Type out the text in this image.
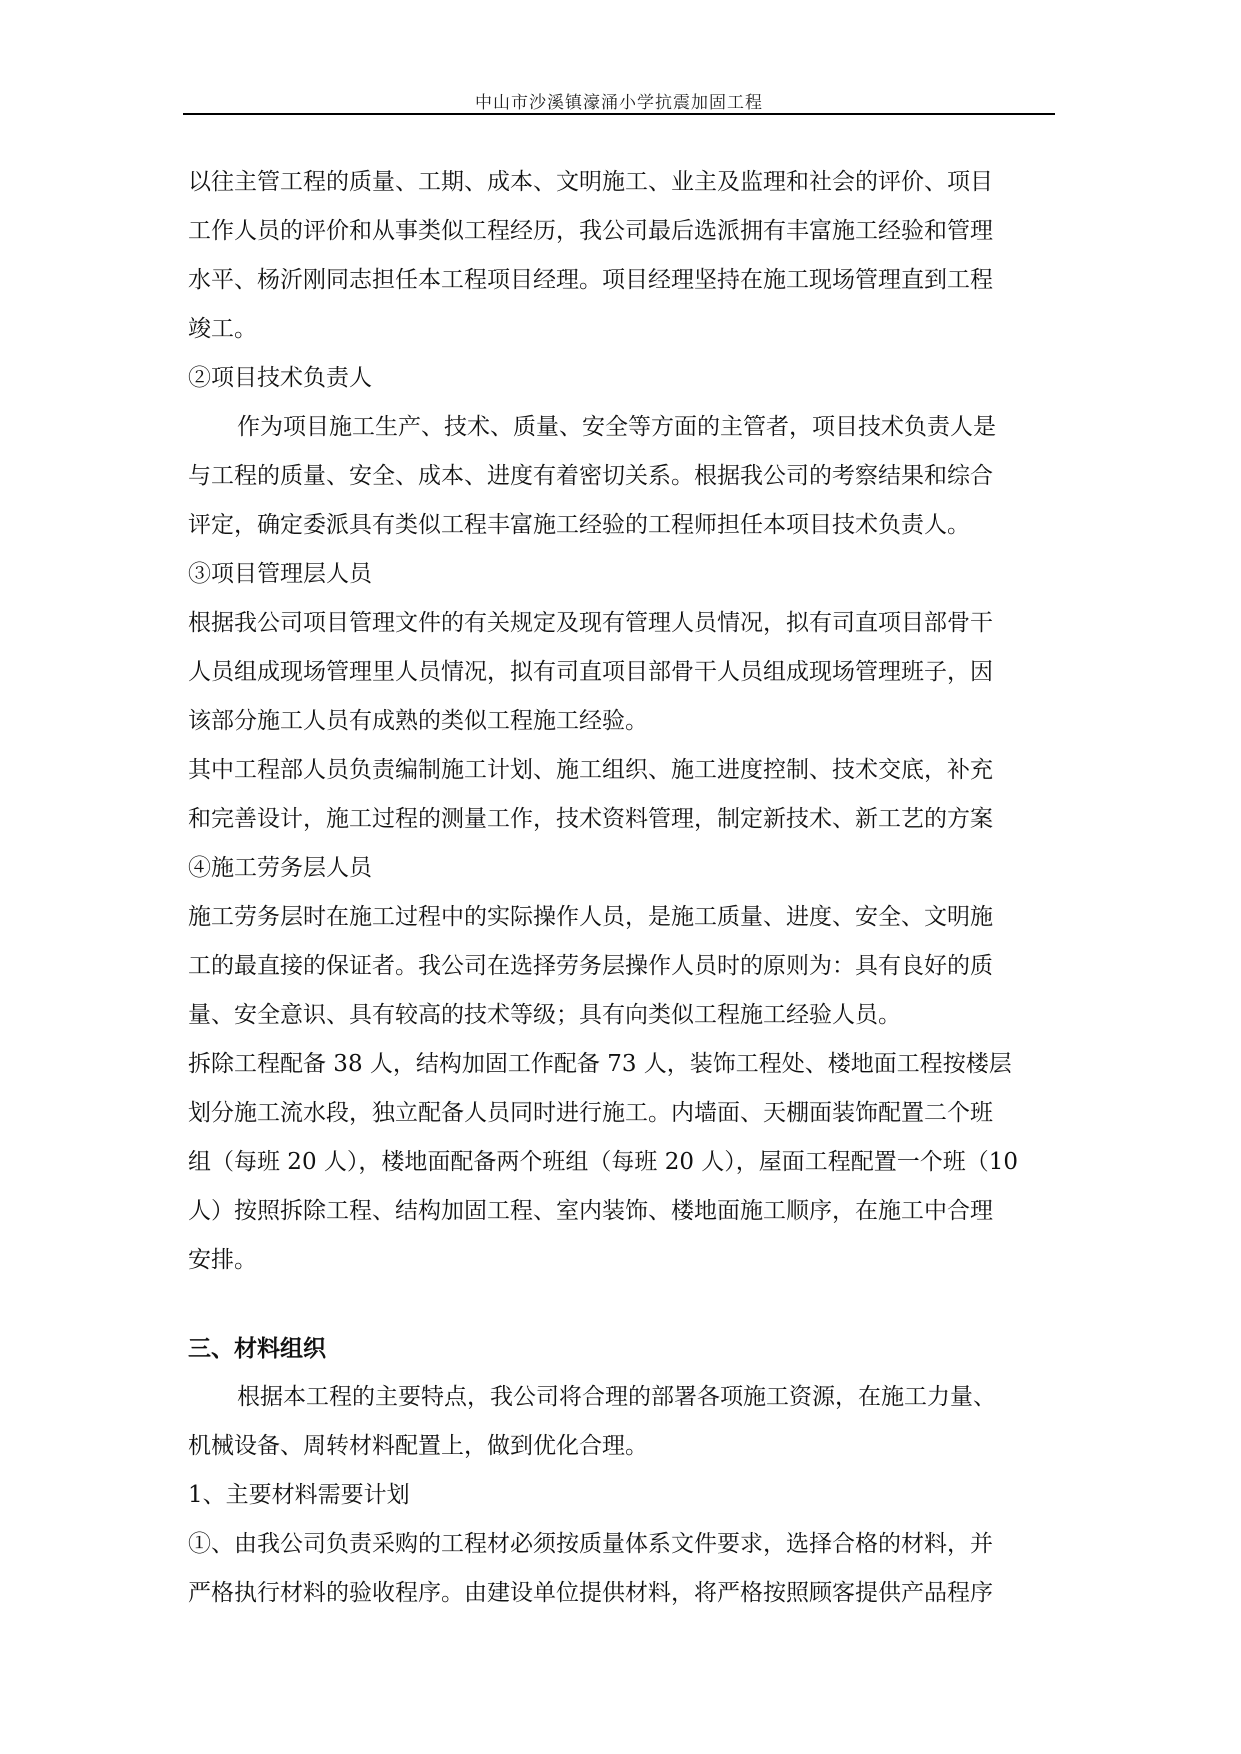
中山市沙溪镇濠涌小学抗震加固工程

以往主管工程的质量、工期、成本、文明施工、业主及监理和社会的评价、项目

工作人员的评价和从事类似工程经历，我公司最后选派拥有丰富施工经验和管理

水平、杨沂刚同志担任本工程项目经理。项目经理坚持在施工现场管理直到工程

竣工。

②项目技术负责人

作为项目施工生产、技术、质量、安全等方面的主管者，项目技术负责人是

与工程的质量、安全、成本、进度有着密切关系。根据我公司的考察结果和综合

评定，确定委派具有类似工程丰富施工经验的工程师担任本项目技术负责人。

③项目管理层人员

根据我公司项目管理文件的有关规定及现有管理人员情况，拟有司直项目部骨干

人员组成现场管理里人员情况，拟有司直项目部骨干人员组成现场管理班子，因

该部分施工人员有成熟的类似工程施工经验。

其中工程部人员负责编制施工计划、施工组织、施工进度控制、技术交底，补充

和完善设计，施工过程的测量工作，技术资料管理，制定新技术、新工艺的方案

④施工劳务层人员

施工劳务层时在施工过程中的实际操作人员，是施工质量、进度、安全、文明施

工的最直接的保证者。我公司在选择劳务层操作人员时的原则为：具有良好的质

量、安全意识、具有较高的技术等级；具有向类似工程施工经验人员。

拆除工程配备 38 人，结构加固工作配备 73 人，装饰工程处、楼地面工程按楼层

划分施工流水段，独立配备人员同时进行施工。内墙面、天棚面装饰配置二个班

组（每班 20 人），楼地面配备两个班组（每班 20 人），屋面工程配置一个班（10

人）按照拆除工程、结构加固工程、室内装饰、楼地面施工顺序，在施工中合理

安排。

三、材料组织

根据本工程的主要特点，我公司将合理的部署各项施工资源，在施工力量、

机械设备、周转材料配置上，做到优化合理。

1、主要材料需要计划

①、由我公司负责采购的工程材必须按质量体系文件要求，选择合格的材料，并

严格执行材料的验收程序。由建设单位提供材料，将严格按照顾客提供产品程序
